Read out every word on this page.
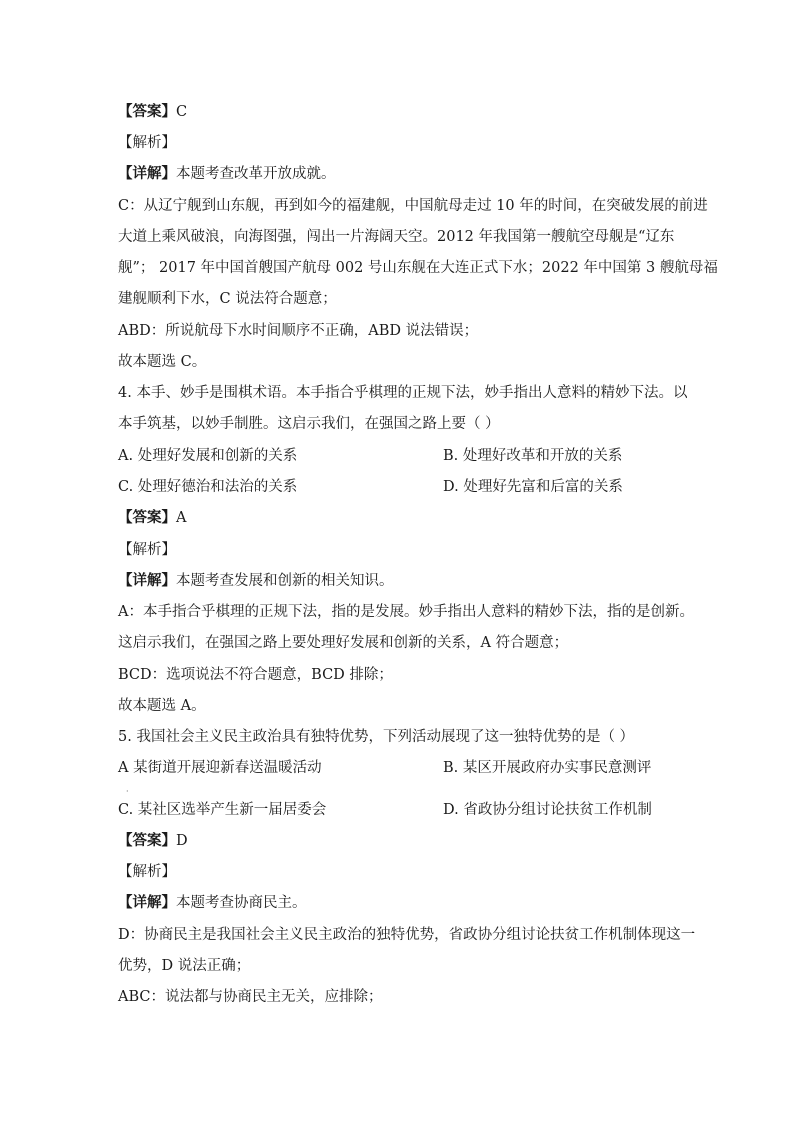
【答案】C
【解析】
【详解】本题考查改革开放成就。
C：从辽宁舰到山东舰，再到如今的福建舰，中国航母走过 10 年的时间，在突破发展的前进
大道上乘风破浪，向海图强，闯出一片海阔天空。2012 年我国第一艘航空母舰是“辽东
舰”； 2017 年中国首艘国产航母 002 号山东舰在大连正式下水；2022 年中国第 3 艘航母福
建舰顺利下水，C 说法符合题意；
ABD：所说航母下水时间顺序不正确，ABD 说法错误；
故本题选 C。
4. 本手、妙手是围棋术语。本手指合乎棋理的正规下法，妙手指出人意料的精妙下法。以
本手筑基，以妙手制胜。这启示我们，在强国之路上要（ ）
A. 处理好发展和创新的关系	B. 处理好改革和开放的关系
C. 处理好德治和法治的关系	D. 处理好先富和后富的关系
【答案】A
【解析】
【详解】本题考查发展和创新的相关知识。
A：本手指合乎棋理的正规下法，指的是发展。妙手指出人意料的精妙下法，指的是创新。
这启示我们，在强国之路上要处理好发展和创新的关系，A 符合题意；
BCD：选项说法不符合题意，BCD 排除；
故本题选 A。
5. 我国社会主义民主政治具有独特优势，下列活动展现了这一独特优势的是（ ）
A 某街道开展迎新春送温暖活动	B. 某区开展政府办实事民意测评
·
C. 某社区选举产生新一届居委会	D. 省政协分组讨论扶贫工作机制
【答案】D
【解析】
【详解】本题考查协商民主。
D：协商民主是我国社会主义民主政治的独特优势，省政协分组讨论扶贫工作机制体现这一
优势，D 说法正确；
ABC：说法都与协商民主无关，应排除；
